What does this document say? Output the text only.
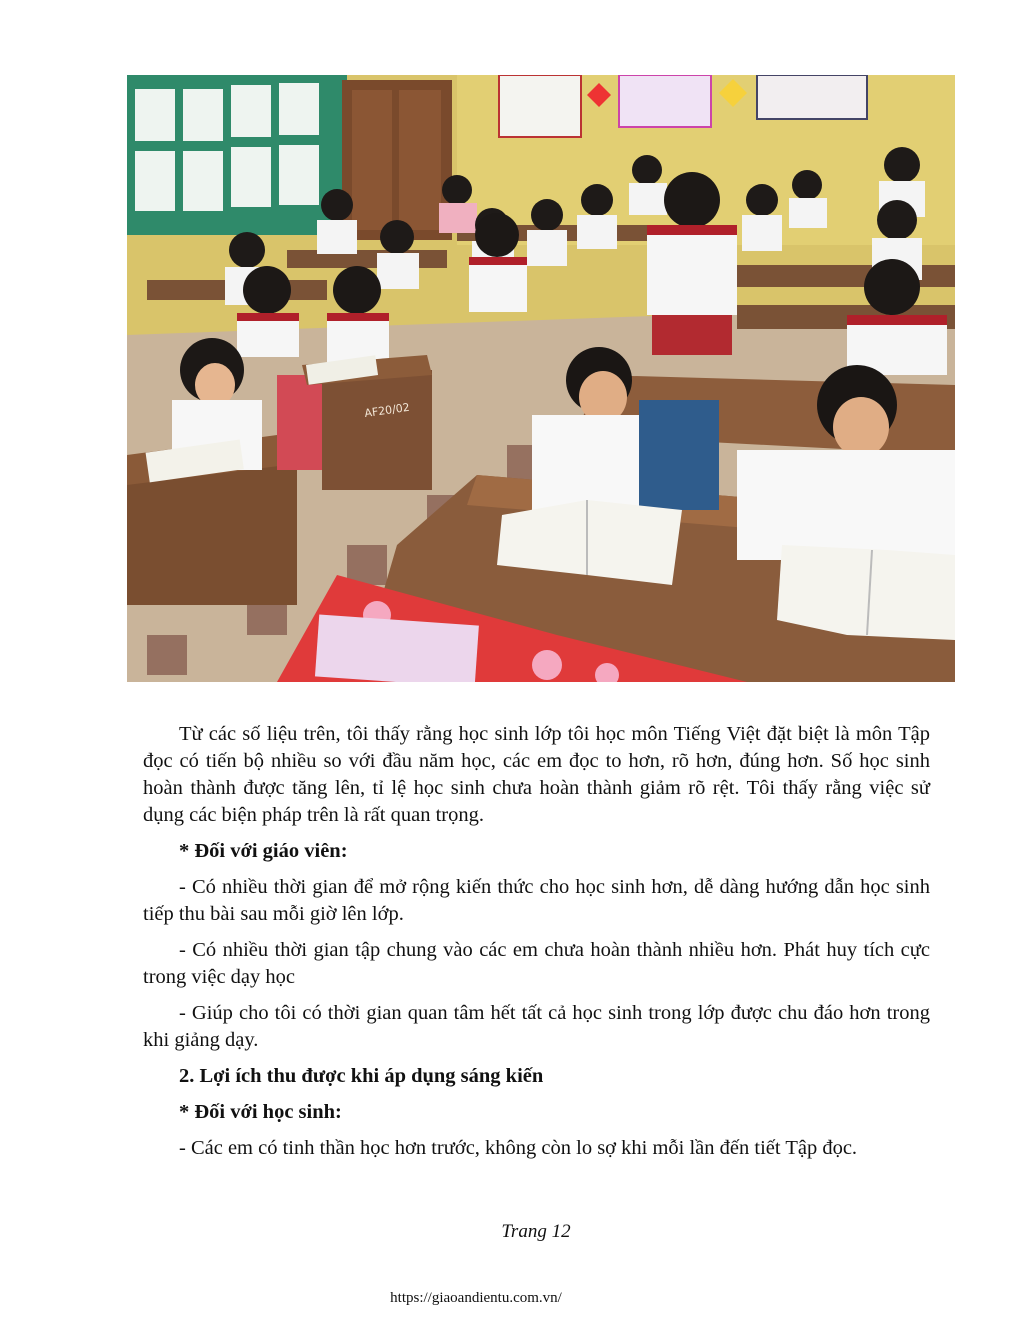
AF20/02

Từ các số liệu trên, tôi thấy rằng học sinh lớp tôi học môn Tiếng Việt đặt biệt là môn Tập đọc có tiến bộ nhiều so với đầu năm học, các em đọc to hơn, rõ hơn, đúng hơn. Số học sinh hoàn thành được tăng lên, tỉ lệ học sinh chưa hoàn thành giảm rõ rệt. Tôi thấy rằng việc sử dụng các biện pháp trên là rất quan trọng.

* Đối với giáo viên:

- Có nhiều thời gian để mở rộng kiến thức cho học sinh hơn, dễ dàng hướng dẫn học sinh tiếp thu bài sau mỗi giờ lên lớp.

- Có nhiều thời gian tập chung vào các em chưa hoàn thành nhiều hơn. Phát huy tích cực trong việc dạy học

- Giúp cho tôi có thời gian quan tâm hết tất cả học sinh trong lớp được chu đáo hơn trong khi giảng dạy.

2. Lợi ích thu được khi áp dụng sáng kiến

* Đối với học sinh:

- Các em có tinh thần học hơn trước, không còn lo sợ khi mỗi lần đến tiết Tập đọc.

Trang 12
https://giaoandientu.com.vn/
